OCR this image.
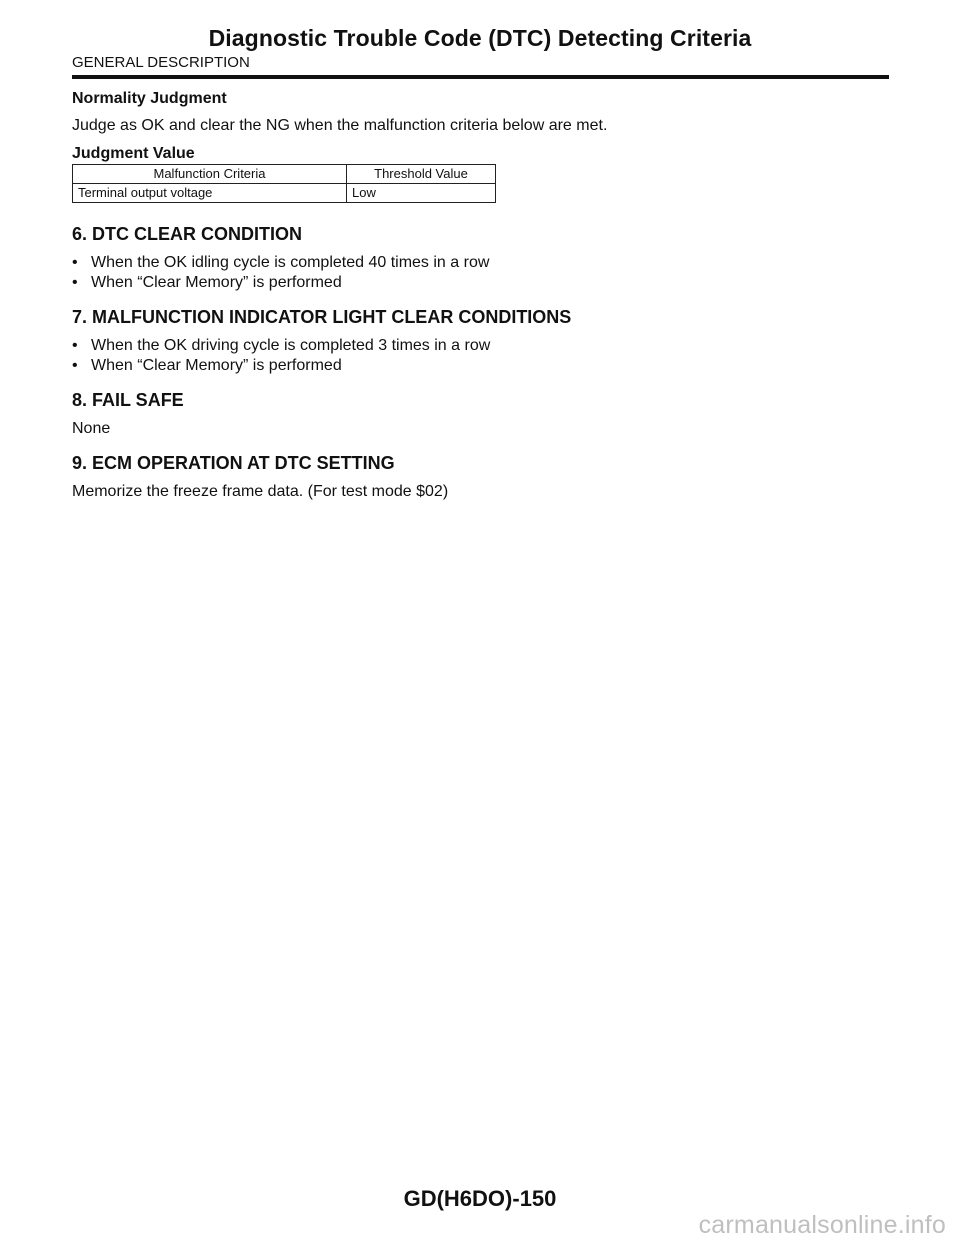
Diagnostic Trouble Code (DTC) Detecting Criteria
GENERAL DESCRIPTION

Normality Judgment

Judge as OK and clear the NG when the malfunction criteria below are met.

Judgment Value

Malfunction Criteria	Threshold Value
Terminal output voltage	Low
6. DTC CLEAR CONDITION
• When the OK idling cycle is completed 40 times in a row
• When “Clear Memory” is performed
7. MALFUNCTION INDICATOR LIGHT CLEAR CONDITIONS
• When the OK driving cycle is completed 3 times in a row
• When “Clear Memory” is performed
8. FAIL SAFE

None

9. ECM OPERATION AT DTC SETTING

Memorize the freeze frame data. (For test mode $02)

GD(H6DO)-150
carmanualsonline.info
